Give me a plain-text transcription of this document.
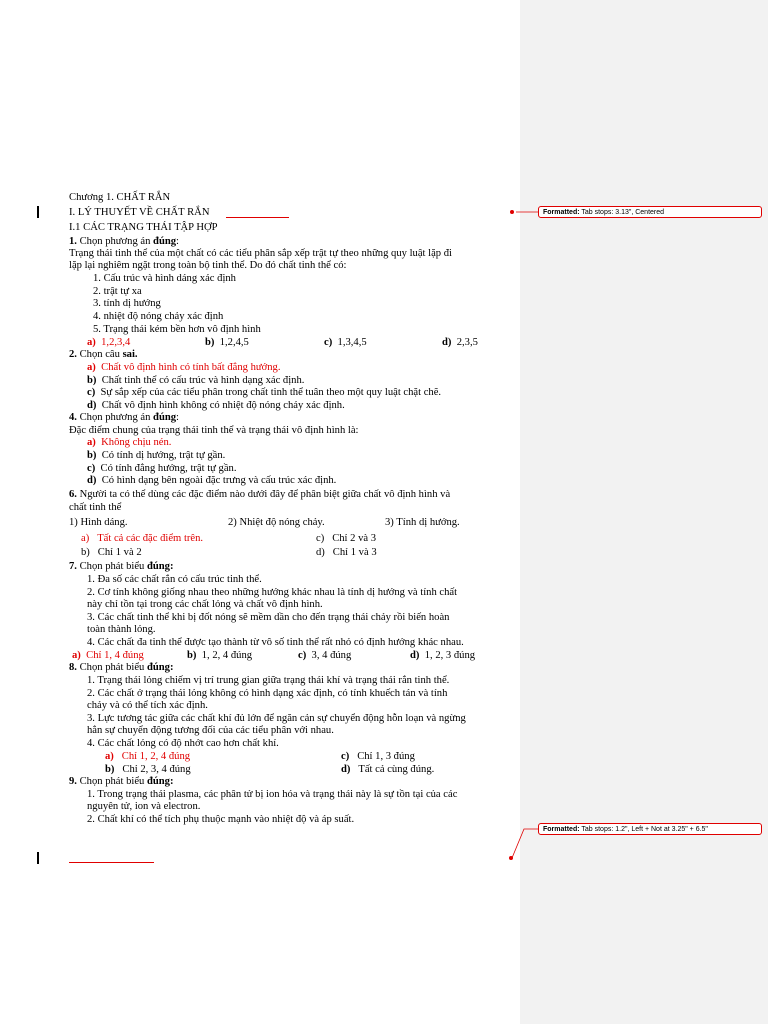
Chương 1. CHẤT RẮN
I. LÝ THUYẾT VỀ CHẤT RẮN
I.1 CÁC TRẠNG THÁI TẬP HỢP
1. Chọn phương án đúng:
Trạng thái tinh thể của một chất có các tiểu phân sắp xếp trật tự theo những quy luật lặp đi
lặp lại nghiêm ngặt trong toàn bộ tinh thể. Do đó chất tinh thể có:
1. Cấu trúc và hình dáng xác định
2. trật tự xa
3. tính dị hướng
4. nhiệt độ nóng chảy xác định
5. Trạng thái kém bền hơn vô định hình
a) 1,2,3,4	b) 1,2,4,5	c) 1,3,4,5	d) 2,3,5
2. Chọn câu sai.
a) Chất vô định hình có tính bất đẳng hướng.
b) Chất tinh thể có cấu trúc và hình dạng xác định.
c) Sự sắp xếp của các tiểu phân trong chất tinh thể tuân theo một quy luật chặt chẽ.
d) Chất vô định hình không có nhiệt độ nóng chảy xác định.
4. Chọn phương án đúng:
Đặc điểm chung của trạng thái tinh thể và trạng thái vô định hình là:
a) Không chịu nén.
b) Có tính dị hướng, trật tự gần.
c) Có tính đẳng hướng, trật tự gần.
d) Có hình dạng bên ngoài đặc trưng và cấu trúc xác định.
6. Người ta có thể dùng các đặc điểm nào dưới đây để phân biệt giữa chất vô định hình và
chất tinh thể
1) Hình dáng.	2) Nhiệt độ nóng chảy.	3) Tính dị hướng.
a) Tất cả các đặc điểm trên.	c) Chỉ 2 và 3
b) Chỉ 1 và 2	d) Chỉ 1 và 3
7. Chọn phát biểu đúng:
1. Đa số các chất rắn có cấu trúc tinh thể.
2. Cơ tính không giống nhau theo những hướng khác nhau là tính dị hướng và tính chất
này chỉ tồn tại trong các chất lỏng và chất vô định hình.
3. Các chất tinh thể khi bị đốt nóng sẽ mềm dần cho đến trạng thái chảy rồi biến hoàn
toàn thành lỏng.
4. Các chất đa tinh thể được tạo thành từ vô số tinh thể rất nhỏ có định hướng khác nhau.
a) Chỉ 1, 4 đúng	b) 1, 2, 4 đúng	c) 3, 4 đúng	d) 1, 2, 3 đúng
8. Chọn phát biểu đúng:
1. Trạng thái lỏng chiếm vị trí trung gian giữa trạng thái khí và trạng thái rắn tinh thể.
2. Các chất ở trạng thái lỏng không có hình dạng xác định, có tính khuếch tán và tính
chảy và có thể tích xác định.
3. Lực tương tác giữa các chất khí đủ lớn để ngăn cản sự chuyển động hỗn loạn và ngừng
hẳn sự chuyển động tương đối của các tiểu phân với nhau.
4. Các chất lỏng có độ nhớt cao hơn chất khí.
a) Chỉ 1, 2, 4 đúng	c) Chỉ 1, 3 đúng
b) Chỉ 2, 3, 4 đúng	d) Tất cả cùng đúng.
9. Chọn phát biểu đúng:
1. Trong trạng thái plasma, các phân tử bị ion hóa và trạng thái này là sự tồn tại của các
nguyên tử, ion và electron.
2. Chất khí có thể tích phụ thuộc mạnh vào nhiệt độ và áp suất.
Formatted: Tab stops: 3.13", Centered
Formatted: Tab stops: 1.2", Left + Not at 3.25" + 6.5"
